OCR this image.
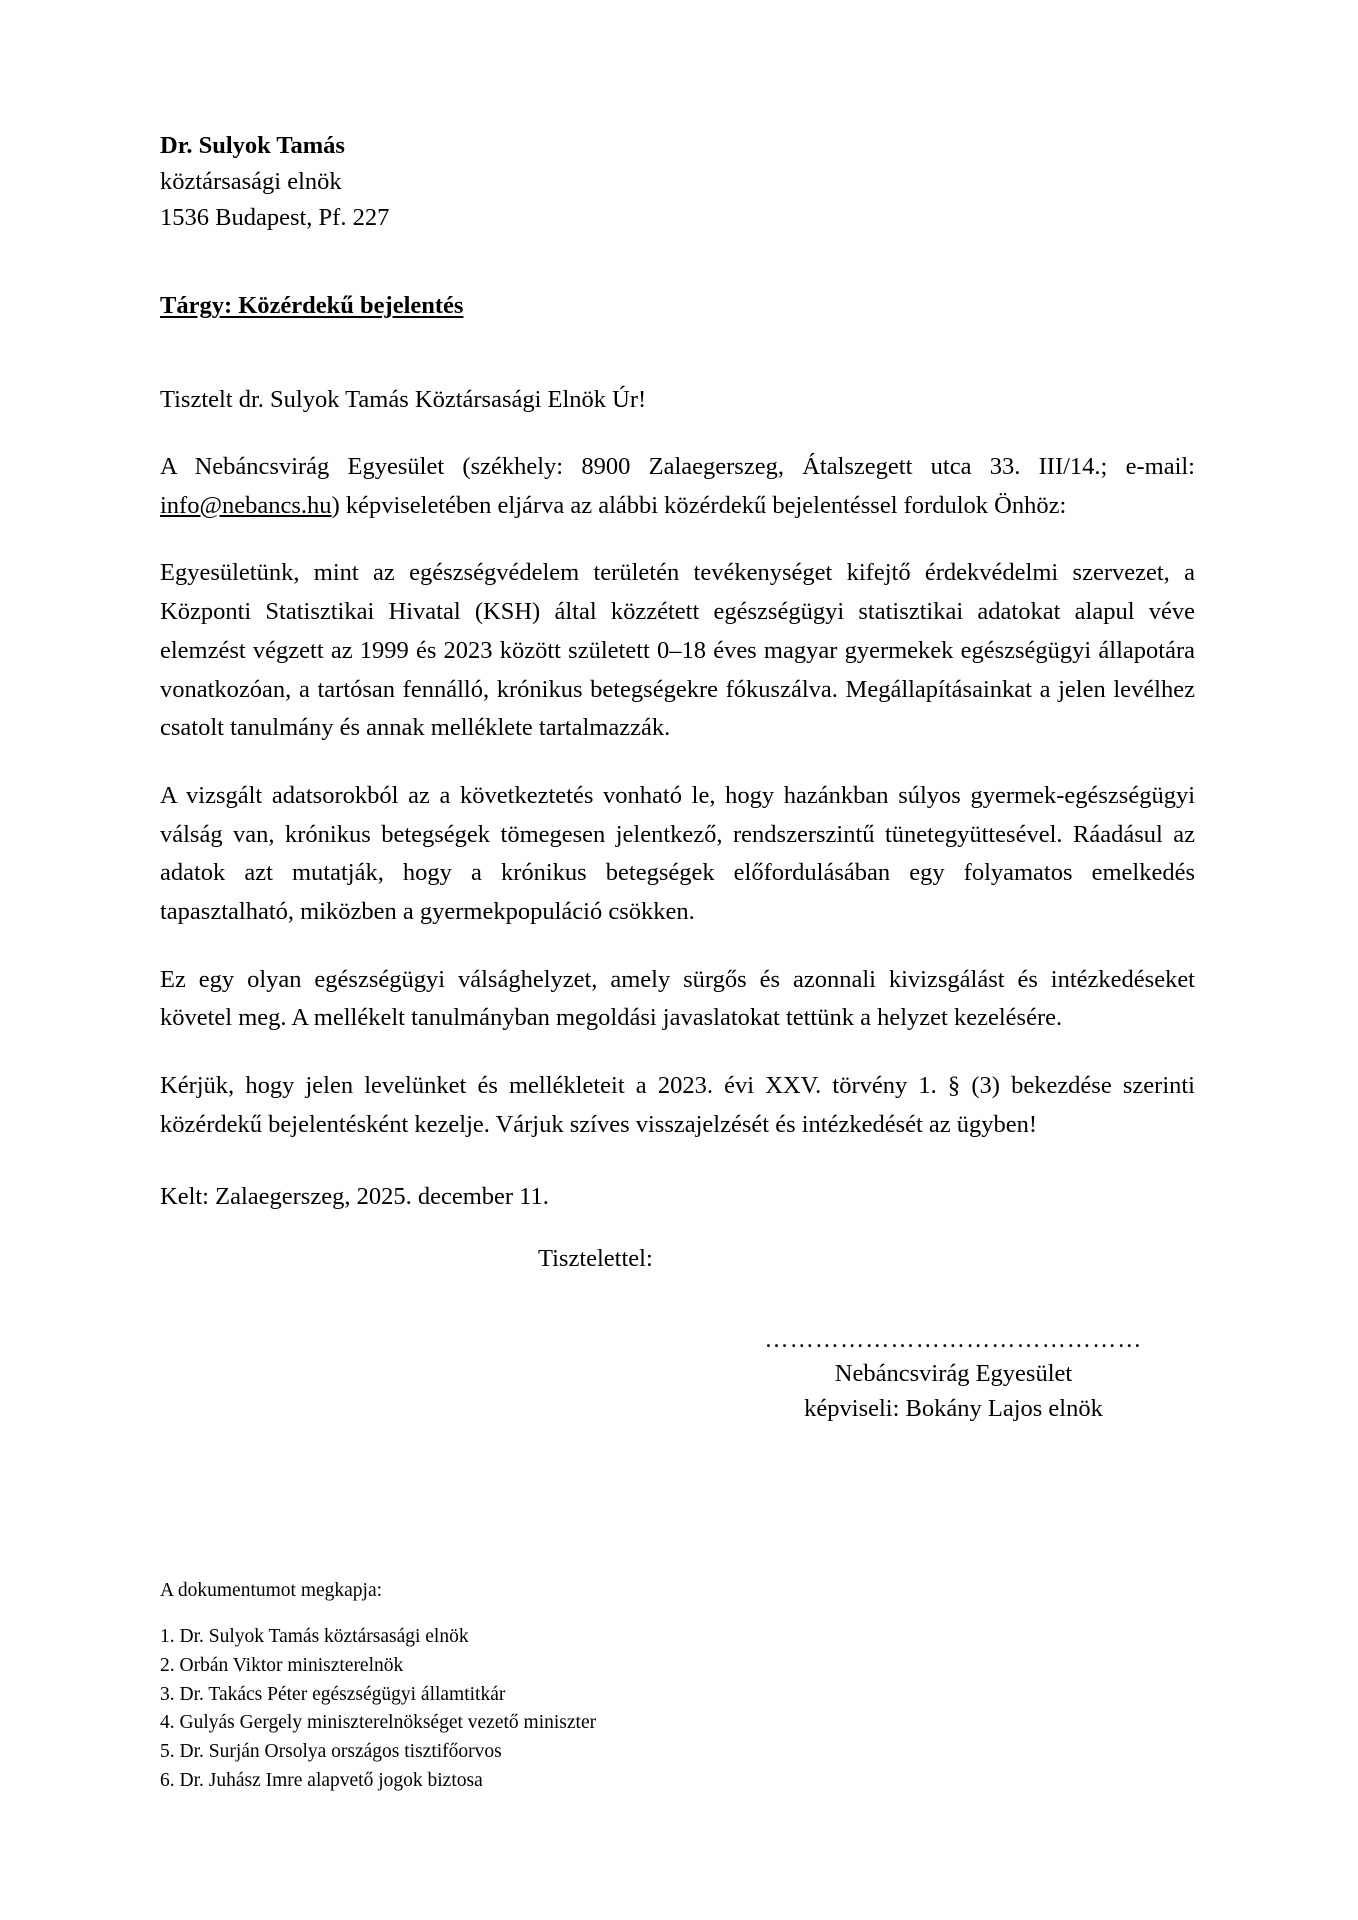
Dr. Sulyok Tamás
köztársasági elnök
1536 Budapest, Pf. 227
Tárgy: Közérdekű bejelentés
Tisztelt dr. Sulyok Tamás Köztársasági Elnök Úr!

A Nebáncsvirág Egyesület (székhely: 8900 Zalaegerszeg, Átalszegett utca 33. III/14.; e-mail: info@nebancs.hu) képviseletében eljárva az alábbi közérdekű bejelentéssel fordulok Önhöz:

Egyesületünk, mint az egészségvédelem területén tevékenységet kifejtő érdekvédelmi szervezet, a Központi Statisztikai Hivatal (KSH) által közzétett egészségügyi statisztikai adatokat alapul véve elemzést végzett az 1999 és 2023 között született 0–18 éves magyar gyermekek egészségügyi állapotára vonatkozóan, a tartósan fennálló, krónikus betegségekre fókuszálva. Megállapításainkat a jelen levélhez csatolt tanulmány és annak melléklete tartalmazzák.

A vizsgált adatsorokból az a következtetés vonható le, hogy hazánkban súlyos gyermek-egészségügyi válság van, krónikus betegségek tömegesen jelentkező, rendszerszintű tünetegyüttesével. Ráadásul az adatok azt mutatják, hogy a krónikus betegségek előfordulásában egy folyamatos emelkedés tapasztalható, miközben a gyermekpopuláció csökken.

Ez egy olyan egészségügyi válsághelyzet, amely sürgős és azonnali kivizsgálást és intézkedéseket követel meg. A mellékelt tanulmányban megoldási javaslatokat tettünk a helyzet kezelésére.

Kérjük, hogy jelen levelünket és mellékleteit a 2023. évi XXV. törvény 1. § (3) bekezdése szerinti közérdekű bejelentésként kezelje. Várjuk szíves visszajelzését és intézkedését az ügyben!

Kelt: Zalaegerszeg, 2025. december 11.
Tisztelettel:
………………………………………
Nebáncsvirág Egyesület
képviseli: Bokány Lajos elnök
A dokumentumot megkapja:
1. Dr. Sulyok Tamás köztársasági elnök
2. Orbán Viktor miniszterelnök
3. Dr. Takács Péter egészségügyi államtitkár
4. Gulyás Gergely miniszterelnökséget vezető miniszter
5. Dr. Surján Orsolya országos tisztifőorvos
6. Dr. Juhász Imre alapvető jogok biztosa
